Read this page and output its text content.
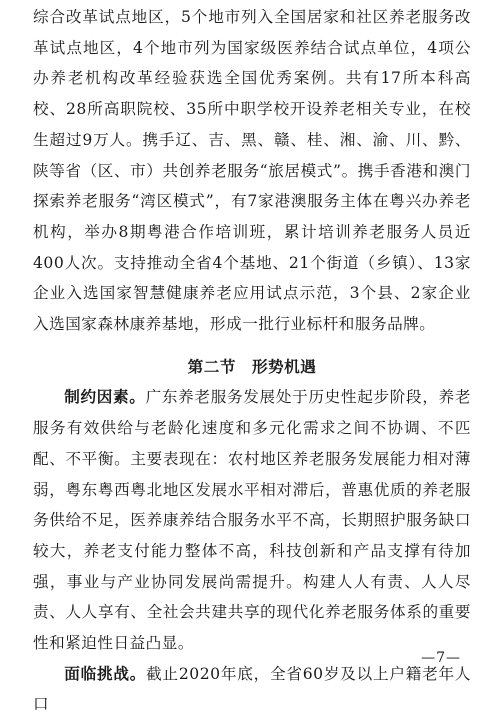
综合改革试点地区，5个地市列入全国居家和社区养老服务改革试点地区，4个地市列为国家级医养结合试点单位，4项公办养老机构改革经验获选全国优秀案例。共有17所本科高校、28所高职院校、35所中职学校开设养老相关专业，在校生超过9万人。携手辽、吉、黑、赣、桂、湘、渝、川、黔、陕等省（区、市）共创养老服务“旅居模式”。携手香港和澳门探索养老服务“湾区模式”，有7家港澳服务主体在粤兴办养老机构，举办8期粤港合作培训班，累计培训养老服务人员近400人次。支持推动全省4个基地、21个街道（乡镇）、13家企业入选国家智慧健康养老应用试点示范，3个县、2家企业入选国家森林康养基地，形成一批行业标杆和服务品牌。

第二节 形势机遇

制约因素。广东养老服务发展处于历史性起步阶段，养老服务有效供给与老龄化速度和多元化需求之间不协调、不匹配、不平衡。主要表现在：农村地区养老服务发展能力相对薄弱，粤东粤西粤北地区发展水平相对滞后，普惠优质的养老服务供给不足，医养康养结合服务水平不高，长期照护服务缺口较大，养老支付能力整体不高，科技创新和产品支撑有待加强，事业与产业协同发展尚需提升。构建人人有责、人人尽责、人人享有、全社会共建共享的现代化养老服务体系的重要性和紧迫性日益凸显。

面临挑战。截止2020年底，全省60岁及以上户籍老年人口

—7—
